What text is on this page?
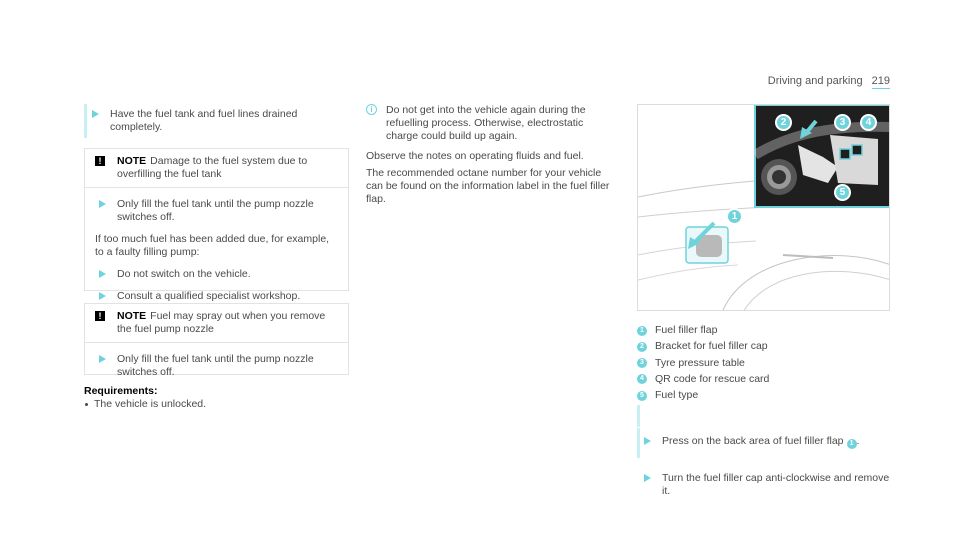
Driving and parking 219
Have the fuel tank and fuel lines drained completely.
!	NOTE Damage to the fuel system due to overfilling the fuel tank

Only fill the fuel tank until the pump nozzle switches off.

If too much fuel has been added due, for example, to a faulty filling pump:

Do not switch on the vehicle.

Consult a qualified specialist workshop.

!	NOTE Fuel may spray out when you remove the fuel pump nozzle

Only fill the fuel tank until the pump nozzle switches off.

Requirements:
The vehicle is unlocked.
i	Do not get into the vehicle again during the refuelling process. Otherwise, electrostatic charge could build up again.
Observe the notes on operating fluids and fuel.
The recommended octane number for your vehicle can be found on the information label in the fuel filler flap.
1
2	3	4
5
1 Fuel filler flap
2 Bracket for fuel filler cap
3 Tyre pressure table
4 QR code for rescue card
5 Fuel type
Press on the back area of fuel filler flap 1 .
Turn the fuel filler cap anti-clockwise and remove it.
